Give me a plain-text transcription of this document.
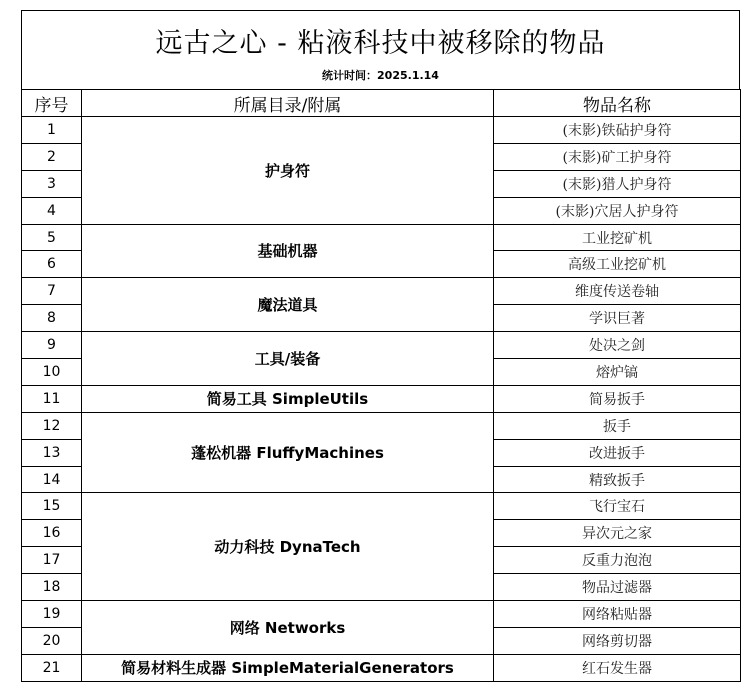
远古之心 - 粘液科技中被移除的物品
统计时间：2025.1.14
序号	所属目录/附属	物品名称
1	护身符	(末影)铁砧护身符
2		(末影)矿工护身符
3		(末影)猎人护身符
4		(末影)穴居人护身符
5	基础机器	工业挖矿机
6		高级工业挖矿机
7	魔法道具	维度传送卷轴
8		学识巨著
9	工具/装备	处决之剑
10		熔炉镐
11	简易工具 SimpleUtils	简易扳手
12	蓬松机器 FluffyMachines	扳手
13		改进扳手
14		精致扳手
15	动力科技 DynaTech	飞行宝石
16		异次元之家
17		反重力泡泡
18		物品过滤器
19	网络 Networks	网络粘贴器
20		网络剪切器
21	简易材料生成器 SimpleMaterialGenerators	红石发生器
